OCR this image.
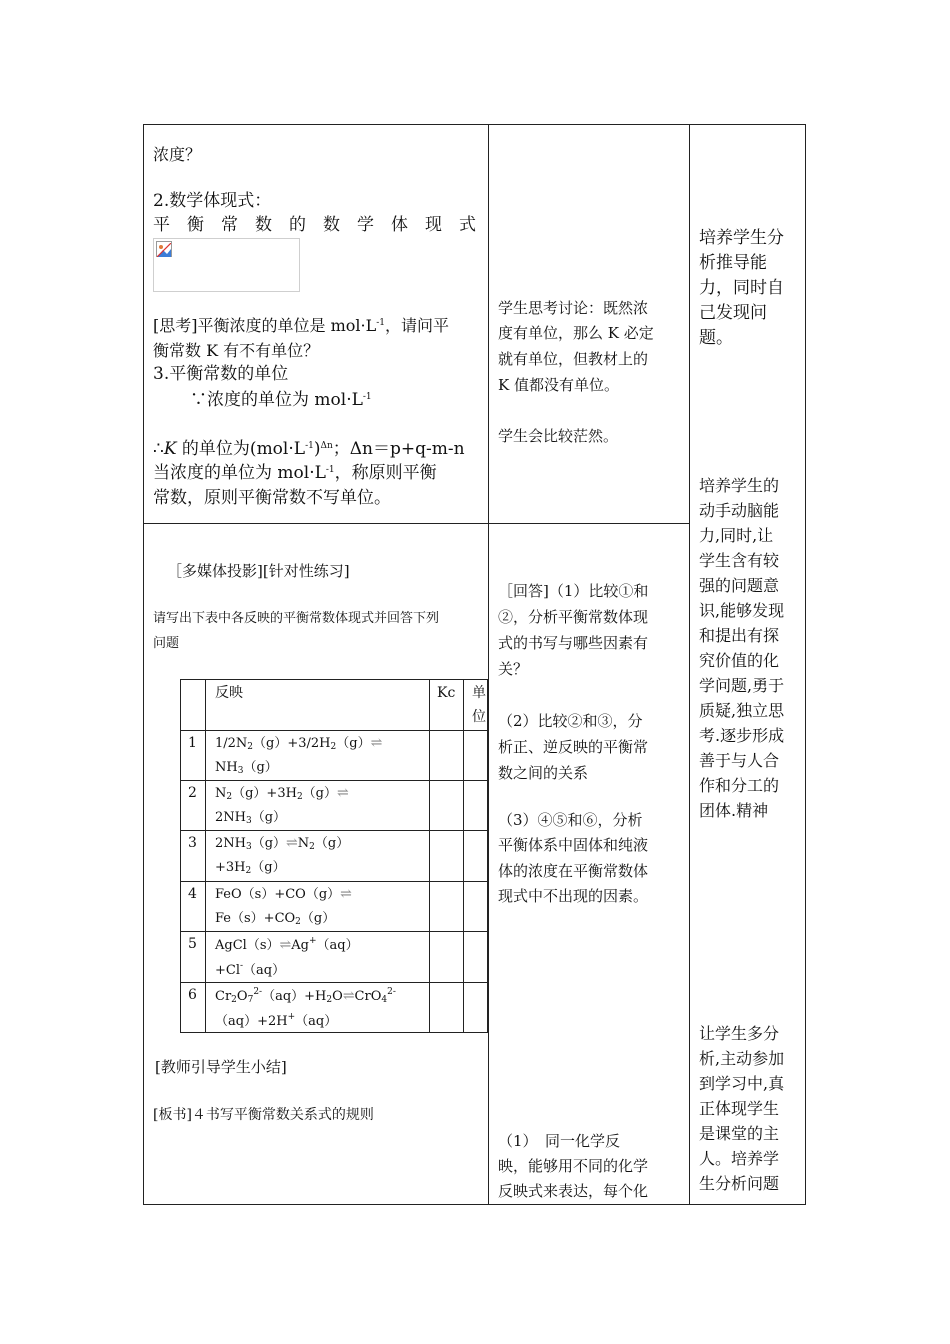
浓度？
2.数学体现式：
平衡常数的数学体现式
[思考]平衡浓度的单位是 $mol\cdot L^{-1}$，请问平
衡常数 K 有不有单位？
3.平衡常数的单位
∵浓度的单位为 $mol\cdot L^{-1}$
∴K 的单位为$(mol\cdot L^{-1})^{\Delta n}$；Δn＝p+q-m-n
当浓度的单位为 $mol\cdot L^{-1}$，称原则平衡
常数，原则平衡常数不写单位。
［多媒体投影][针对性练习]
请写出下表中各反映的平衡常数体现式并回答下列
问题
反映	Kc 单
位
1 $1/2N_2(g)+3/2H_2(g)\rightleftharpoons$
$NH_3(g)$
2 $N_2(g)+3H_2(g)\rightleftharpoons$
$2NH_3(g)$
3 $2NH_3(g)\rightleftharpoons N_2(g)$
$+3H_2(g)$
4 FeO（s）+CO（g）⇌
$Fe(s)+CO_2(g)$
5 AgCl（s）⇌Ag+（aq）
+Cl-（aq）
6 $Cr_2O_7^{2-}(aq)+H_2O\rightleftharpoons CrO_4^{2-}$
（aq）+2H+（aq）
[教师引导学生小结]
[板书]４书写平衡常数关系式的规则
学生思考讨论：既然浓
度有单位，那么 K 必定
就有单位，但教材上的
K 值都没有单位。
学生会比较茫然。
［回答]（1）比较①和
②，分析平衡常数体现
式的书写与哪些因素有
关？
（2）比较②和③，分
析正、逆反映的平衡常
数之间的关系
（3）④⑤和⑥，分析
平衡体系中固体和纯液
体的浓度在平衡常数体
现式中不出现的因素。
（1）　同一化学反
映，能够用不同的化学
反映式来表达，每个化
培养学生分
析推导能
力，同时自
己发现问
题。
培养学生的
动手动脑能
力,同时,让
学生含有较
强的问题意
识,能够发现
和提出有探
究价值的化
学问题,勇于
质疑,独立思
考.逐步形成
善于与人合
作和分工的
团体.精神
让学生多分
析,主动参加
到学习中,真
正体现学生
是课堂的主
人。培养学
生分析问题
